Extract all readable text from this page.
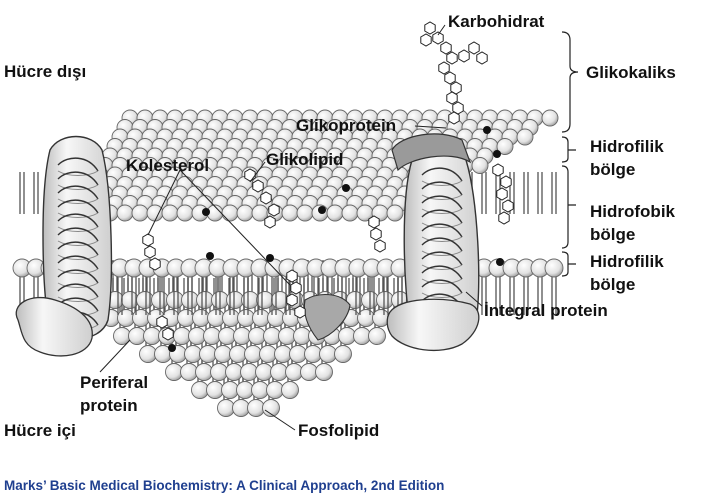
Hücre dışı
Hücre içi
Karbohidrat
Glikokaliks
Glikoprotein
Kolesterol	Glikolipid
Hidrofilik
bölge
Hidrofobik
bölge
Hidrofilik
bölge
İntegral protein
Periferal
protein
Fosfolipid
Marks’ Basic Medical Biochemistry: A Clinical Approach, 2nd Edition
